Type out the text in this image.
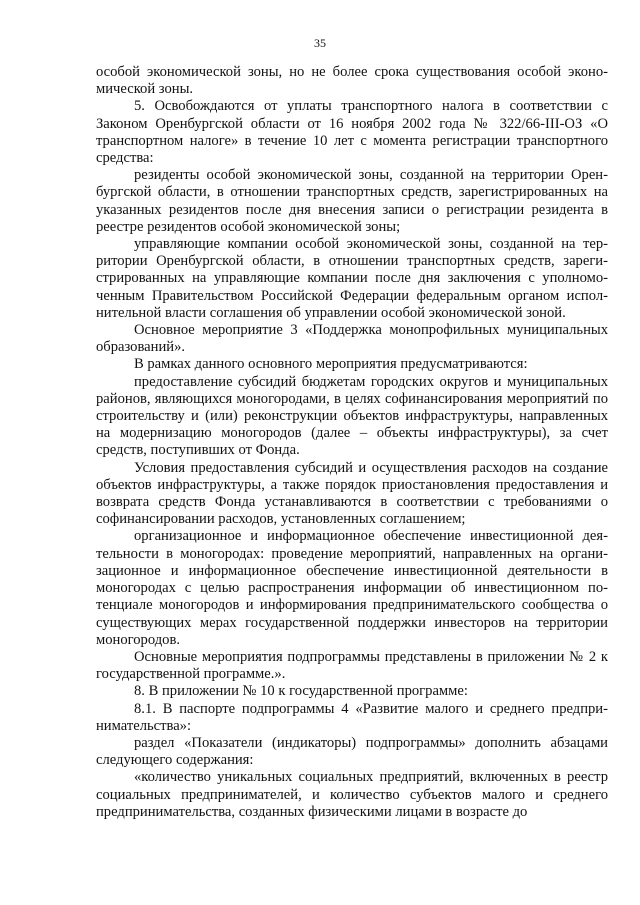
35

особой экономической зоны, но не более срока существования особой экономической зоны.

5. Освобождаются от уплаты транспортного налога в соответствии с Законом Оренбургской области от 16 ноября 2002 года № 322/66-III-ОЗ «О транспортном налоге» в течение 10 лет с момента регистрации транспортного средства:

резиденты особой экономической зоны, созданной на территории Оренбургской области, в отношении транспортных средств, зарегистрированных на указанных резидентов после дня внесения записи о регистрации резидента в реестре резидентов особой экономической зоны;

управляющие компании особой экономической зоны, созданной на территории Оренбургской области, в отношении транспортных средств, зарегистрированных на управляющие компании после дня заключения с уполномоченным Правительством Российской Федерации федеральным органом исполнительной власти соглашения об управлении особой экономической зоной.

Основное мероприятие 3 «Поддержка монопрофильных муниципальных образований».

В рамках данного основного мероприятия предусматриваются:

предоставление субсидий бюджетам городских округов и муниципальных районов, являющихся моногородами, в целях софинансирования мероприятий по строительству и (или) реконструкции объектов инфраструктуры, направленных на модернизацию моногородов (далее – объекты инфраструктуры), за счет средств, поступивших от Фонда.

Условия предоставления субсидий и осуществления расходов на создание объектов инфраструктуры, а также порядок приостановления предоставления и возврата средств Фонда устанавливаются в соответствии с требованиями о софинансировании расходов, установленных соглашением;

организационное и информационное обеспечение инвестиционной деятельности в моногородах: проведение мероприятий, направленных на организационное и информационное обеспечение инвестиционной деятельности в моногородах с целью распространения информации об инвестиционном потенциале моногородов и информирования предпринимательского сообщества о существующих мерах государственной поддержки инвесторов на территории моногородов.

Основные мероприятия подпрограммы представлены в приложении № 2 к государственной программе.».

8. В приложении № 10 к государственной программе:

8.1. В паспорте подпрограммы 4 «Развитие малого и среднего предпринимательства»:

раздел «Показатели (индикаторы) подпрограммы» дополнить абзацами следующего содержания:

«количество уникальных социальных предприятий, включенных в реестр социальных предпринимателей, и количество субъектов малого и среднего предпринимательства, созданных физическими лицами в возрасте до
